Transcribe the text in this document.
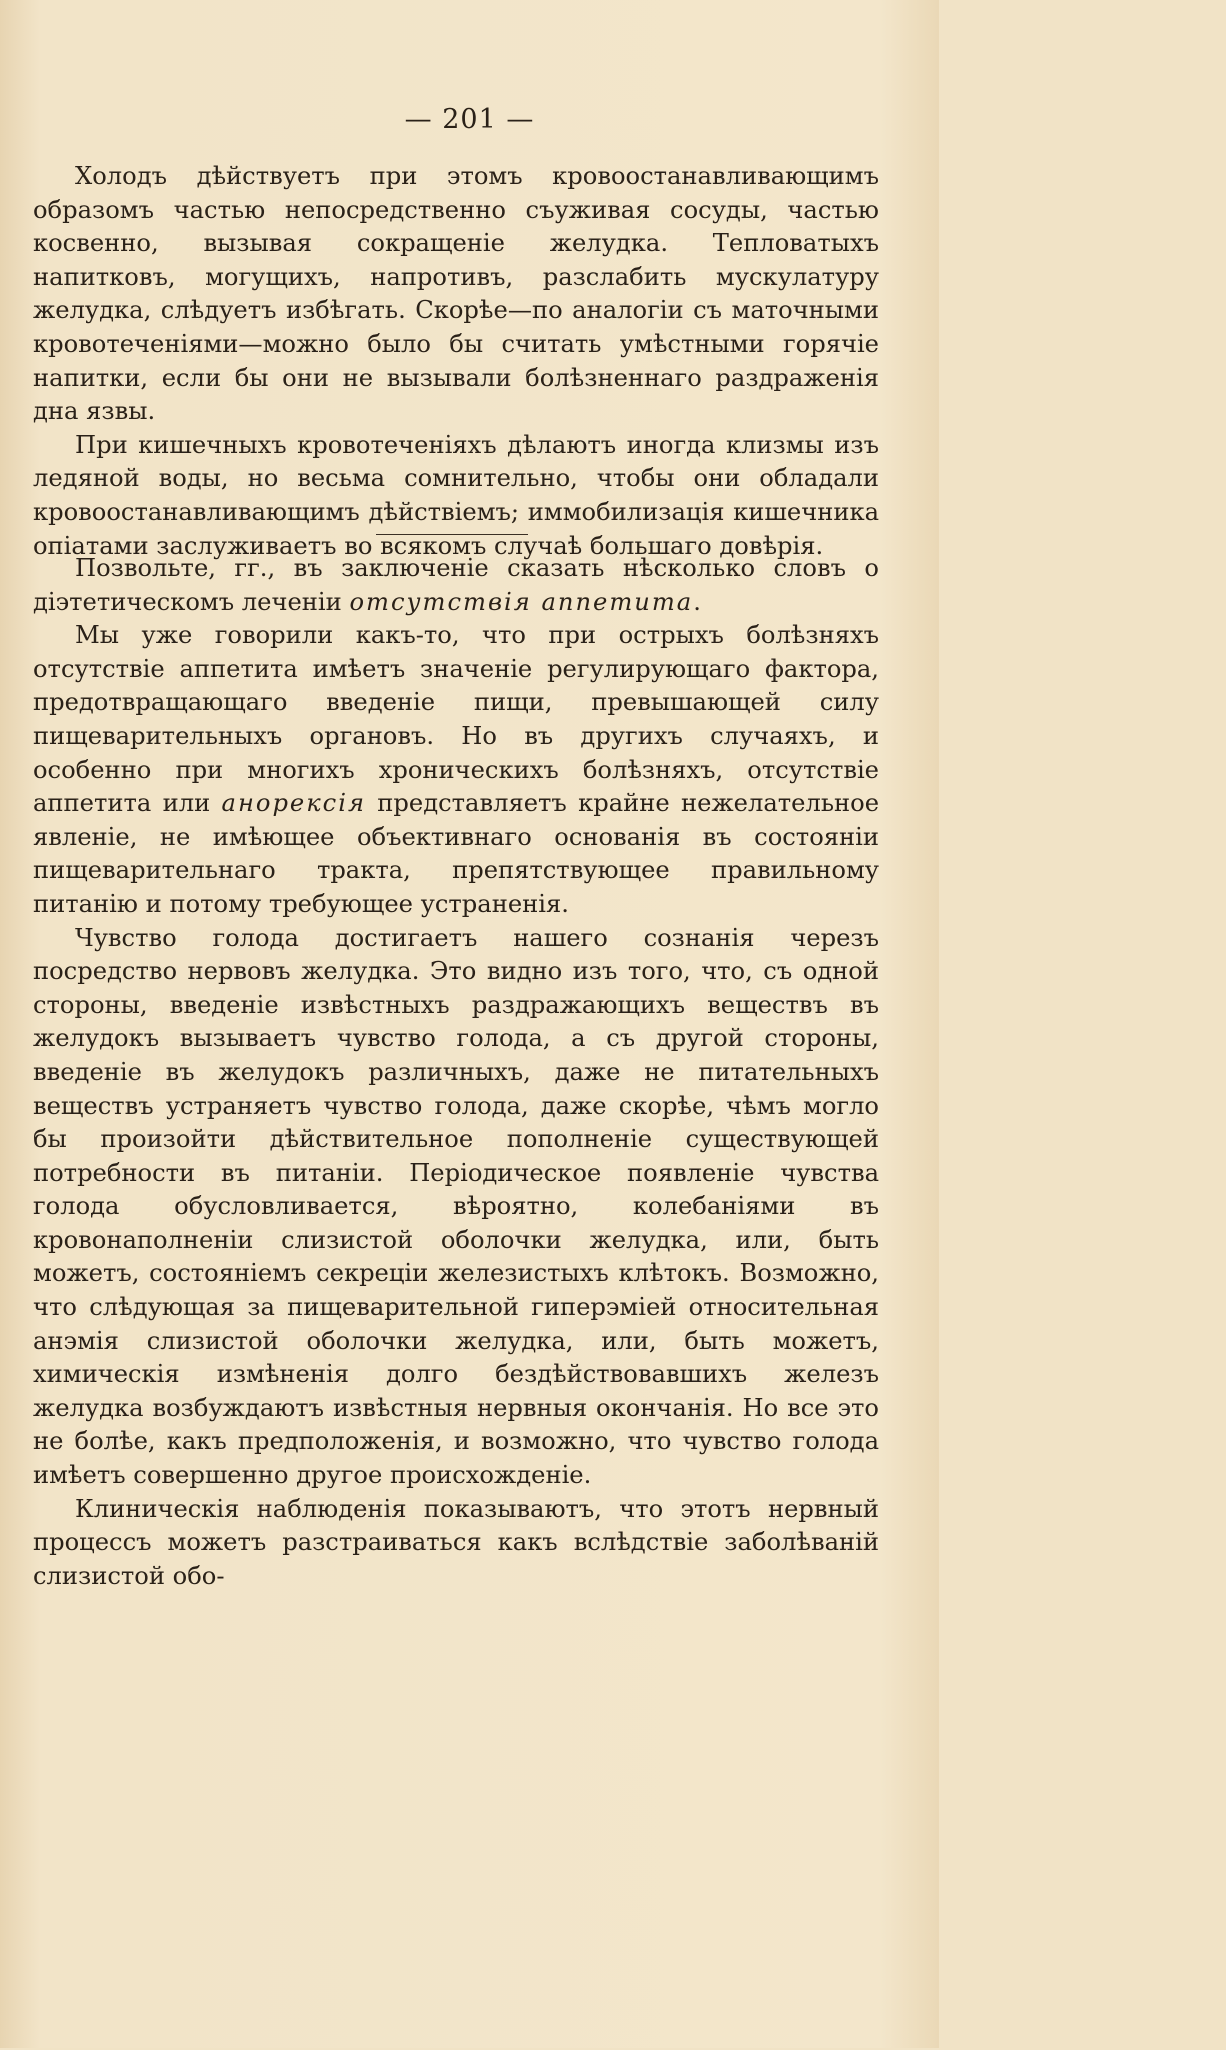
— 201 —

Холодъ дѣйствуетъ при этомъ кровоостанавливающимъ образомъ частью непосредственно съуживая сосуды, частью косвенно, вызывая сокращенiе желудка. Тепловатыхъ напитковъ, могущихъ, напротивъ, разслабить мускулатуру желудка, слѣдуетъ избѣгать. Скорѣе—по аналогiи съ маточными кровотеченiями—можно было бы считать умѣстными горячiе напитки, если бы они не вызывали болѣзненнаго раздраженiя дна язвы.

При кишечныхъ кровотеченiяхъ дѣлаютъ иногда клизмы изъ ледяной воды, но весьма сомнительно, чтобы они обладали кровоостанавливающимъ дѣйствiемъ; иммобилизацiя кишечника опiатами заслуживаетъ во всякомъ случаѣ большаго довѣрiя.

Позвольте, гг., въ заключенiе сказать нѣсколько словъ о дiэтетическомъ леченiи отсутствiя аппетита.

Мы уже говорили какъ-то, что при острыхъ болѣзняхъ отсутствiе аппетита имѣетъ значенiе регулирующаго фактора, предотвращающаго введенiе пищи, превышающей силу пищеварительныхъ органовъ. Но въ другихъ случаяхъ, и особенно при многихъ хроническихъ болѣзняхъ, отсутствiе аппетита или анорексiя представляетъ крайне нежелательное явленiе, не имѣющее объективнаго основанiя въ состоянiи пищеварительнаго тракта, препятствующее правильному питанiю и потому требующее устраненiя.

Чувство голода достигаетъ нашего сознанiя черезъ посредство нервовъ желудка. Это видно изъ того, что, съ одной стороны, введенiе извѣстныхъ раздражающихъ веществъ въ желудокъ вызываетъ чувство голода, а съ другой стороны, введенiе въ желудокъ различныхъ, даже не питательныхъ веществъ устраняетъ чувство голода, даже скорѣе, чѣмъ могло бы произойти дѣйствительное пополненiе существующей потребности въ питанiи. Перiодическое появленiе чувства голода обусловливается, вѣроятно, колебанiями въ кровонаполненiи слизистой оболочки желудка, или, быть можетъ, состоянiемъ секрецiи железистыхъ клѣтокъ. Возможно, что слѣдующая за пищеварительной гиперэмiей относительная анэмiя слизистой оболочки желудка, или, быть можетъ, химическiя измѣненiя долго бездѣйствовавшихъ железъ желудка возбуждаютъ извѣстныя нервныя окончанiя. Но все это не болѣе, какъ предположенiя, и возможно, что чувство голода имѣетъ совершенно другое происхожденiе.

Клиническiя наблюденiя показываютъ, что этотъ нервный процессъ можетъ разстраиваться какъ вслѣдствiе заболѣванiй слизистой обо-
